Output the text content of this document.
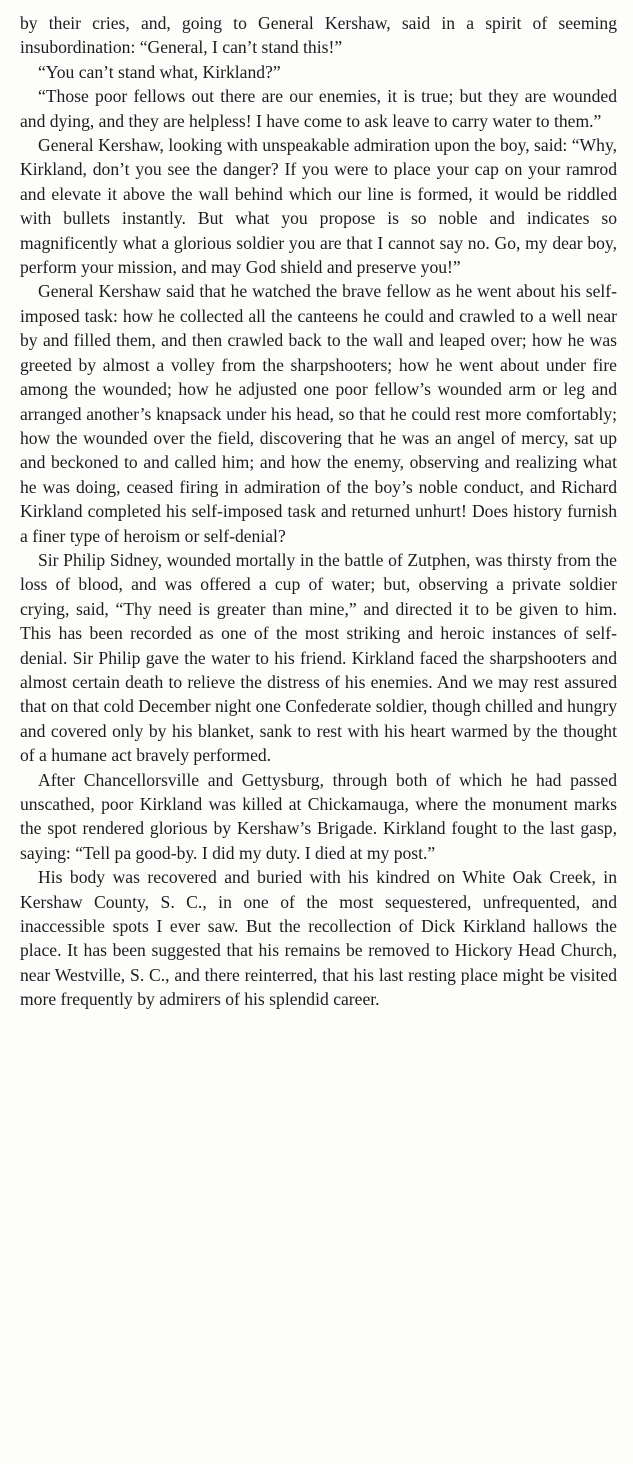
by their cries, and, going to General Kershaw, said in a spirit of seeming insubordination: “General, I can’t stand this!”

“You can’t stand what, Kirkland?”

“Those poor fellows out there are our enemies, it is true; but they are wounded and dying, and they are helpless! I have come to ask leave to carry water to them.”

General Kershaw, looking with unspeakable admiration upon the boy, said: “Why, Kirkland, don’t you see the danger? If you were to place your cap on your ramrod and elevate it above the wall behind which our line is formed, it would be riddled with bullets instantly. But what you propose is so noble and indicates so magnificently what a glorious soldier you are that I cannot say no. Go, my dear boy, perform your mission, and may God shield and preserve you!”

General Kershaw said that he watched the brave fellow as he went about his self-imposed task: how he collected all the canteens he could and crawled to a well near by and filled them, and then crawled back to the wall and leaped over; how he was greeted by almost a volley from the sharpshooters; how he went about under fire among the wounded; how he adjusted one poor fellow’s wounded arm or leg and arranged another’s knapsack under his head, so that he could rest more comfortably; how the wounded over the field, discovering that he was an angel of mercy, sat up and beckoned to and called him; and how the enemy, observing and realizing what he was doing, ceased firing in admiration of the boy’s noble conduct, and Richard Kirkland completed his self-imposed task and returned unhurt! Does history furnish a finer type of heroism or self-denial?

Sir Philip Sidney, wounded mortally in the battle of Zutphen, was thirsty from the loss of blood, and was offered a cup of water; but, observing a private soldier crying, said, “Thy need is greater than mine,” and directed it to be given to him. This has been recorded as one of the most striking and heroic instances of self-denial. Sir Philip gave the water to his friend. Kirkland faced the sharpshooters and almost certain death to relieve the distress of his enemies. And we may rest assured that on that cold December night one Confederate soldier, though chilled and hungry and covered only by his blanket, sank to rest with his heart warmed by the thought of a humane act bravely performed.

After Chancellorsville and Gettysburg, through both of which he had passed unscathed, poor Kirkland was killed at Chickamauga, where the monument marks the spot rendered glorious by Kershaw’s Brigade. Kirkland fought to the last gasp, saying: “Tell pa good-by. I did my duty. I died at my post.”

His body was recovered and buried with his kindred on White Oak Creek, in Kershaw County, S. C., in one of the most sequestered, unfrequented, and inaccessible spots I ever saw. But the recollection of Dick Kirkland hallows the place. It has been suggested that his remains be removed to Hickory Head Church, near Westville, S. C., and there reinterred, that his last resting place might be visited more frequently by admirers of his splendid career.
